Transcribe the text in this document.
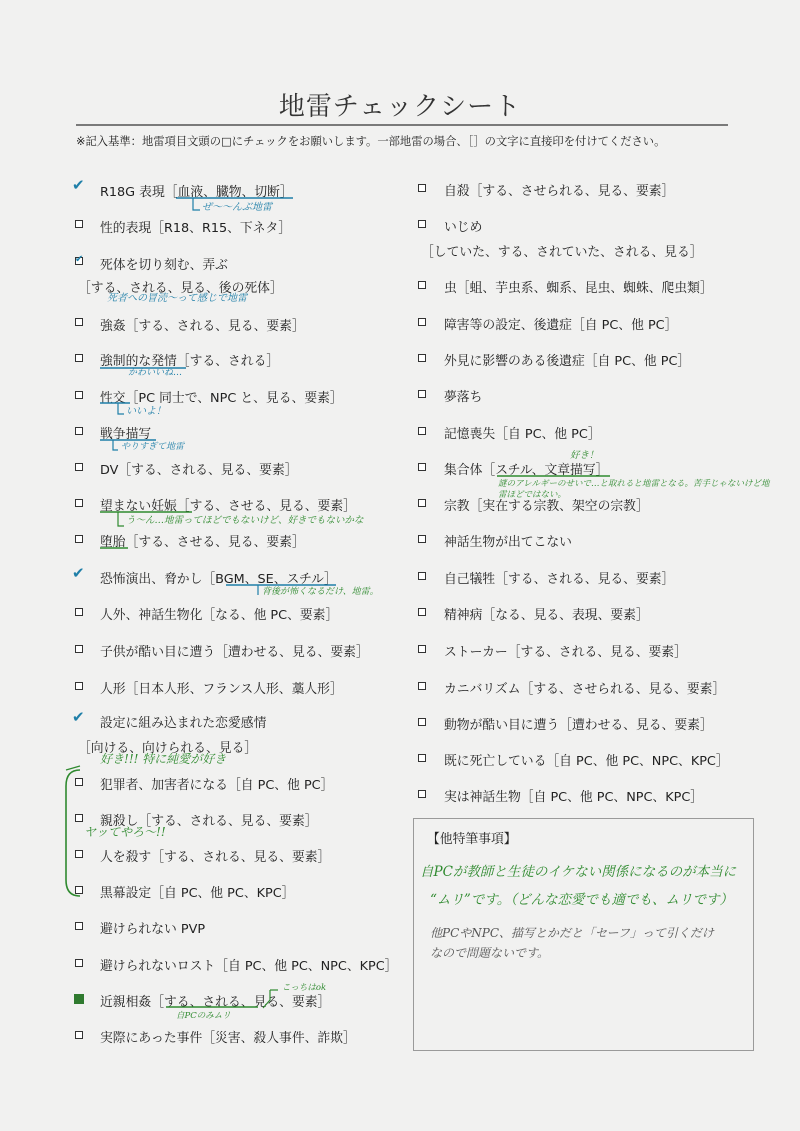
地雷チェックシート
※記入基準：地雷項目文頭の□にチェックをお願いします。一部地雷の場合、［］の文字に直接印を付けてください。
✔ R18G 表現［血液、臓物、切断］
性的表現［R18、R15、下ネタ］
✔ 死体を切り刻む、弄ぶ
［する、される、見る、後の死体］
強姦［する、される、見る、要素］
強制的な発情［する、される］
性交［PC 同士で、NPC と、見る、要素］
戦争描写
DV［する、される、見る、要素］
望まない妊娠［する、させる、見る、要素］
堕胎［する、させる、見る、要素］
✔ 恐怖演出、脅かし［BGM、SE、スチル］
人外、神話生物化［なる、他 PC、要素］
子供が酷い目に遭う［遭わせる、見る、要素］
人形［日本人形、フランス人形、藁人形］
✔ 設定に組み込まれた恋愛感情
［向ける、向けられる、見る］
犯罪者、加害者になる［自 PC、他 PC］
親殺し［する、される、見る、要素］
人を殺す［する、される、見る、要素］
黒幕設定［自 PC、他 PC、KPC］
避けられない PVP
避けられないロスト［自 PC、他 PC、NPC、KPC］
近親相姦［する、される、見る、要素］
実際にあった事件［災害、殺人事件、詐欺］
自殺［する、させられる、見る、要素］
いじめ
［していた、する、されていた、される、見る］
虫［蛆、芋虫系、蜘系、昆虫、蜘蛛、爬虫類］
障害等の設定、後遺症［自 PC、他 PC］
外見に影響のある後遺症［自 PC、他 PC］
夢落ち
記憶喪失［自 PC、他 PC］
集合体［スチル、文章描写］
宗教［実在する宗教、架空の宗教］
神話生物が出てこない
自己犠牲［する、される、見る、要素］
精神病［なる、見る、表現、要素］
ストーカー［する、される、見る、要素］
カニバリズム［する、させられる、見る、要素］
動物が酷い目に遭う［遭わせる、見る、要素］
既に死亡している［自 PC、他 PC、NPC、KPC］
実は神話生物［自 PC、他 PC、NPC、KPC］
ぜ〜〜んぶ地雷
死者への冒涜〜って感じで地雷
かわいいね…
いいよ！
やりすぎて地雷
う〜ん…地雷ってほどでもないけど、好きでもないかな
背後が怖くなるだけ、地雷。
好き!!! 特に純愛が好き
ヤッてやろ〜!!
こっちはok
自PCのみムリ
好き！
謎のアレルギーのせいで…と取れると地雷となる。苦手じゃないけど地雷ほどではない。
【他特筆事項】
自PCが教師と生徒のイケない関係になるのが本当に
“ムリ”です。（どんな恋愛でも適でも、ムリです）
他PCやNPC、描写とかだと「セーフ」って引くだけ
なので問題ないです。
